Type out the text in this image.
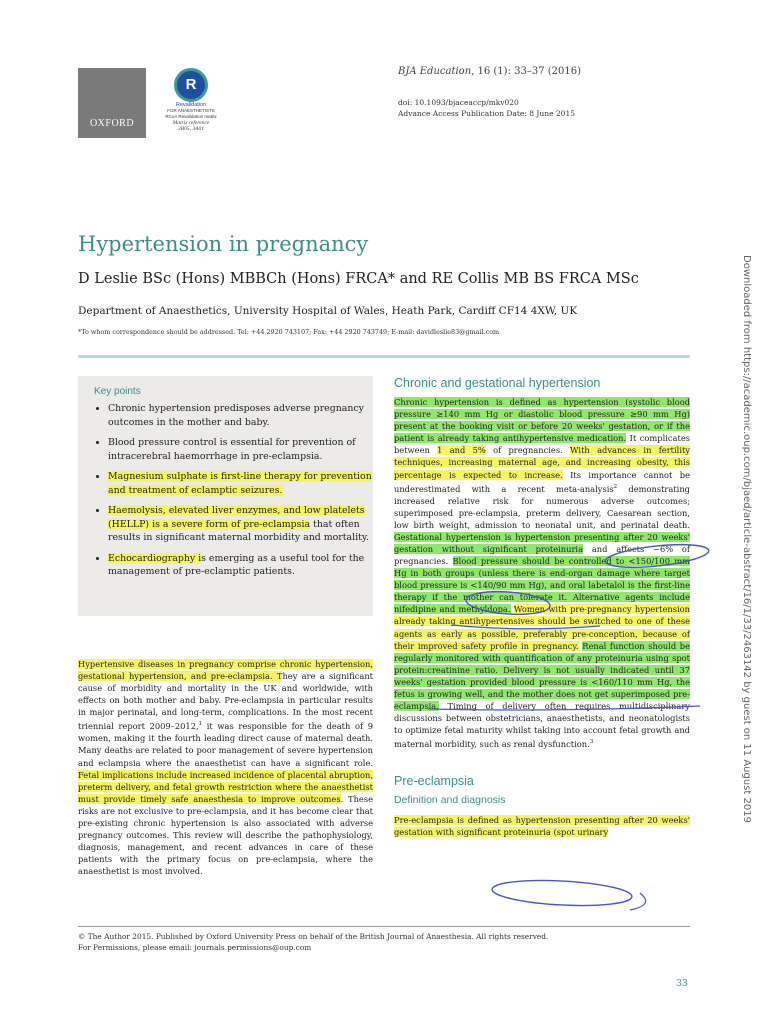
OXFORD
R
Revalidation
FOR ANAESTHETISTS
RCoA Revalidation matrix
Matrix reference
2B05, 3A01
BJA Education, 16 (1): 33–37 (2016)
doi: 10.1093/bjaceaccp/mkv020
Advance Access Publication Date: 8 June 2015
Hypertension in pregnancy
D Leslie BSc (Hons) MBBCh (Hons) FRCA* and RE Collis MB BS FRCA MSc
Department of Anaesthetics, University Hospital of Wales, Heath Park, Cardiff CF14 4XW, UK
*To whom correspondence should be addressed. Tel: +44 2920 743107; Fax: +44 2920 743749; E-mail: davidleslie83@gmail.com	Downloaded from https://academic.oup.com/bjaed/article-abstract/16/1/33/2463142 by guest on 11 August 2019
Key points
• Chronic hypertension predisposes adverse pregnancy outcomes in the mother and baby.
• Blood pressure control is essential for prevention of intracerebral haemorrhage in pre-eclampsia.
• Magnesium sulphate is first-line therapy for prevention and treatment of eclamptic seizures.
• Haemolysis, elevated liver enzymes, and low platelets (HELLP) is a severe form of pre-eclampsia that often results in significant maternal morbidity and mortality.
• Echocardiography is emerging as a useful tool for the management of pre-eclamptic patients.

Hypertensive diseases in pregnancy comprise chronic hypertension, gestational hypertension, and pre-eclampsia. They are a significant cause of morbidity and mortality in the UK and worldwide, with effects on both mother and baby. Pre-eclampsia in particular results in major perinatal, and long-term, complications. In the most recent triennial report 2009–2012,$^1$ it was responsible for the death of 9 women, making it the fourth leading direct cause of maternal death. Many deaths are related to poor management of severe hypertension and eclampsia where the anaesthetist can have a significant role. Fetal implications include increased incidence of placental abruption, preterm delivery, and fetal growth restriction where the anaesthetist must provide timely safe anaesthesia to improve outcomes. These risks are not exclusive to pre-eclampsia, and it has become clear that pre-existing chronic hypertension is also associated with adverse pregnancy outcomes. This review will describe the pathophysiology, diagnosis, management, and recent advances in care of these patients with the primary focus on pre-eclampsia, where the anaesthetist is most involved.

Chronic and gestational hypertension

Chronic hypertension is defined as hypertension (systolic blood pressure ≥140 mm Hg or diastolic blood pressure ≥90 mm Hg) present at the booking visit or before 20 weeks' gestation, or if the patient is already taking antihypertensive medication. It complicates between 1 and 5% of pregnancies. With advances in fertility techniques, increasing maternal age, and increasing obesity, this percentage is expected to increase. Its importance cannot be underestimated with a recent meta-analysis$^2$ demonstrating increased relative risk for numerous adverse outcomes; superimposed pre-eclampsia, preterm delivery, Caesarean section, low birth weight, admission to neonatal unit, and perinatal death. Gestational hypertension is hypertension presenting after 20 weeks' gestation without significant proteinuria and affects ~6% of pregnancies. Blood pressure should be controlled to <150/100 mm Hg in both groups (unless there is end-organ damage where target blood pressure is <140/90 mm Hg), and oral labetalol is the first-line therapy if the mother can tolerate it. Alternative agents include nifedipine and methyldopa. Women with pre-pregnancy hypertension already taking antihypertensives should be switched to one of these agents as early as possible, preferably pre-conception, because of their improved safety profile in pregnancy. Renal function should be regularly monitored with quantification of any proteinuria using spot protein:creatinine ratio. Delivery is not usually indicated until 37 weeks' gestation provided blood pressure is <160/110 mm Hg, the fetus is growing well, and the mother does not get superimposed pre-eclampsia. Timing of delivery often requires multidisciplinary discussions between obstetricians, anaesthetists, and neonatologists to optimize fetal maturity whilst taking into account fetal growth and maternal morbidity, such as renal dysfunction.$^3$

Pre-eclampsia
Definition and diagnosis

Pre-eclampsia is defined as hypertension presenting after 20 weeks' gestation with significant proteinuria (spot urinary

© The Author 2015. Published by Oxford University Press on behalf of the British Journal of Anaesthesia. All rights reserved.
For Permissions, please email: journals.permissions@oup.com
33
